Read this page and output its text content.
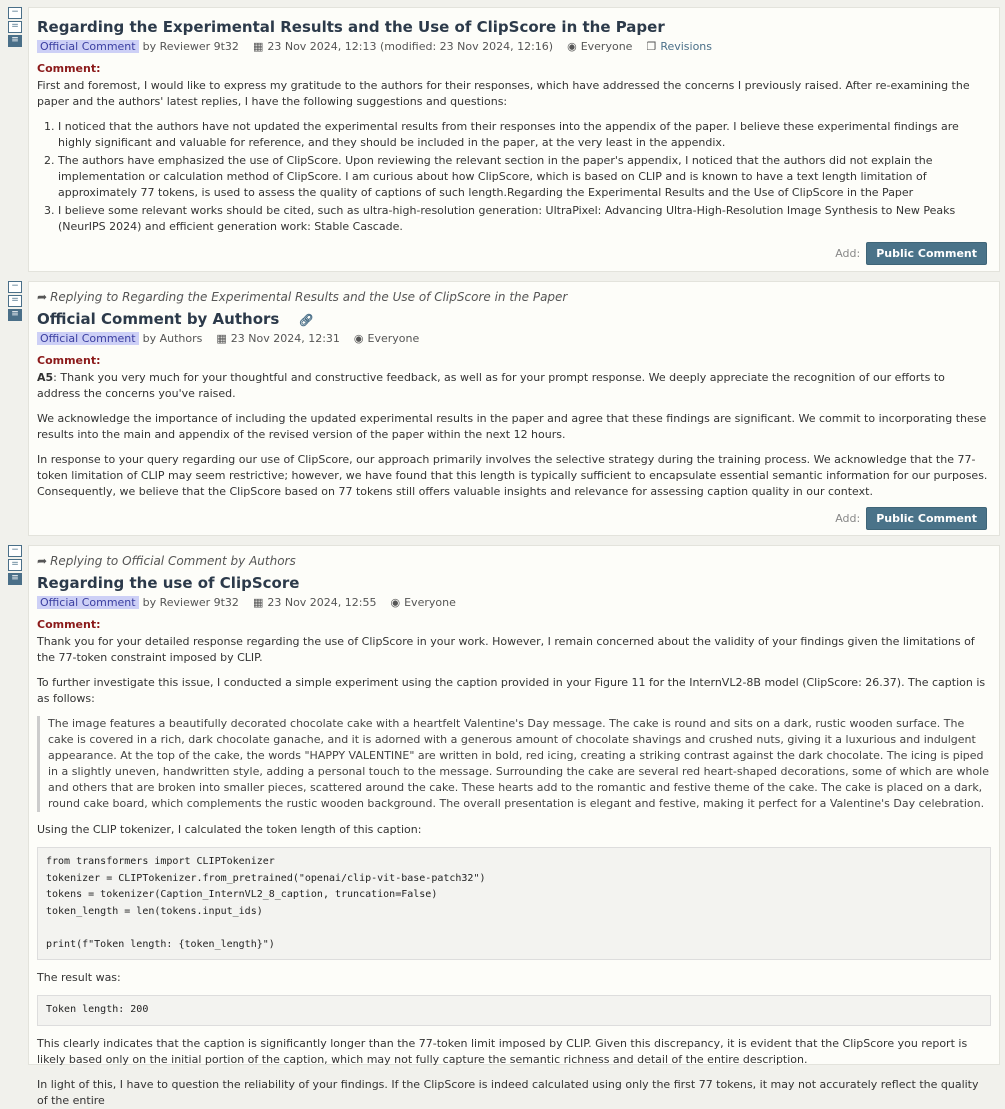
−
=
≡
Regarding the Experimental Results and the Use of ClipScore in the Paper
Official Comment by Reviewer 9t32 ▦ 23 Nov 2024, 12:13 (modified: 23 Nov 2024, 12:16) ◉ Everyone ❐ Revisions
Comment:

First and foremost, I would like to express my gratitude to the authors for their responses, which have addressed the concerns I previously raised. After re-examining the paper and the authors' latest replies, I have the following suggestions and questions:

1. I noticed that the authors have not updated the experimental results from their responses into the appendix of the paper. I believe these experimental findings are highly significant and valuable for reference, and they should be included in the paper, at the very least in the appendix.
2. The authors have emphasized the use of ClipScore. Upon reviewing the relevant section in the paper's appendix, I noticed that the authors did not explain the implementation or calculation method of ClipScore. I am curious about how ClipScore, which is based on CLIP and is known to have a text length limitation of approximately 77 tokens, is used to assess the quality of captions of such length.Regarding the Experimental Results and the Use of ClipScore in the Paper
3. I believe some relevant works should be cited, such as ultra-high-resolution generation: UltraPixel: Advancing Ultra-High-Resolution Image Synthesis to New Peaks (NeurIPS 2024) and efficient generation work: Stable Cascade.
Add:	Public Comment
−
=
≡
➦ Replying to Regarding the Experimental Results and the Use of ClipScore in the Paper
Official Comment by Authors 🔗︎
Official Comment by Authors ▦ 23 Nov 2024, 12:31 ◉ Everyone
Comment:

A5: Thank you very much for your thoughtful and constructive feedback, as well as for your prompt response. We deeply appreciate the recognition of our efforts to address the concerns you've raised.

We acknowledge the importance of including the updated experimental results in the paper and agree that these findings are significant. We commit to incorporating these results into the main and appendix of the revised version of the paper within the next 12 hours.

In response to your query regarding our use of ClipScore, our approach primarily involves the selective strategy during the training process. We acknowledge that the 77-token limitation of CLIP may seem restrictive; however, we have found that this length is typically sufficient to encapsulate essential semantic information for our purposes. Consequently, we believe that the ClipScore based on 77 tokens still offers valuable insights and relevance for assessing caption quality in our context.

Add:	Public Comment
−
=
≡
➦ Replying to Official Comment by Authors
Regarding the use of ClipScore
Official Comment by Reviewer 9t32 ▦ 23 Nov 2024, 12:55 ◉ Everyone
Comment:

Thank you for your detailed response regarding the use of ClipScore in your work. However, I remain concerned about the validity of your findings given the limitations of the 77-token constraint imposed by CLIP.

To further investigate this issue, I conducted a simple experiment using the caption provided in your Figure 11 for the InternVL2-8B model (ClipScore: 26.37). The caption is as follows:

The image features a beautifully decorated chocolate cake with a heartfelt Valentine's Day message. The cake is round and sits on a dark, rustic wooden surface. The cake is covered in a rich, dark chocolate ganache, and it is adorned with a generous amount of chocolate shavings and crushed nuts, giving it a luxurious and indulgent appearance. At the top of the cake, the words "HAPPY VALENTINE" are written in bold, red icing, creating a striking contrast against the dark chocolate. The icing is piped in a slightly uneven, handwritten style, adding a personal touch to the message. Surrounding the cake are several red heart-shaped decorations, some of which are whole and others that are broken into smaller pieces, scattered around the cake. These hearts add to the romantic and festive theme of the cake. The cake is placed on a dark, round cake board, which complements the rustic wooden background. The overall presentation is elegant and festive, making it perfect for a Valentine's Day celebration.

Using the CLIP tokenizer, I calculated the token length of this caption:

from transformers import CLIPTokenizer
tokenizer = CLIPTokenizer.from_pretrained("openai/clip-vit-base-patch32")
tokens = tokenizer(Caption_InternVL2_8_caption, truncation=False)
token_length = len(tokens.input_ids)

print(f"Token length: {token_length}")

The result was:

Token length: 200

This clearly indicates that the caption is significantly longer than the 77-token limit imposed by CLIP. Given this discrepancy, it is evident that the ClipScore you report is likely based only on the initial portion of the caption, which may not fully capture the semantic richness and detail of the entire description.

In light of this, I have to question the reliability of your findings. If the ClipScore is indeed calculated using only the first 77 tokens, it may not accurately reflect the quality of the entire
